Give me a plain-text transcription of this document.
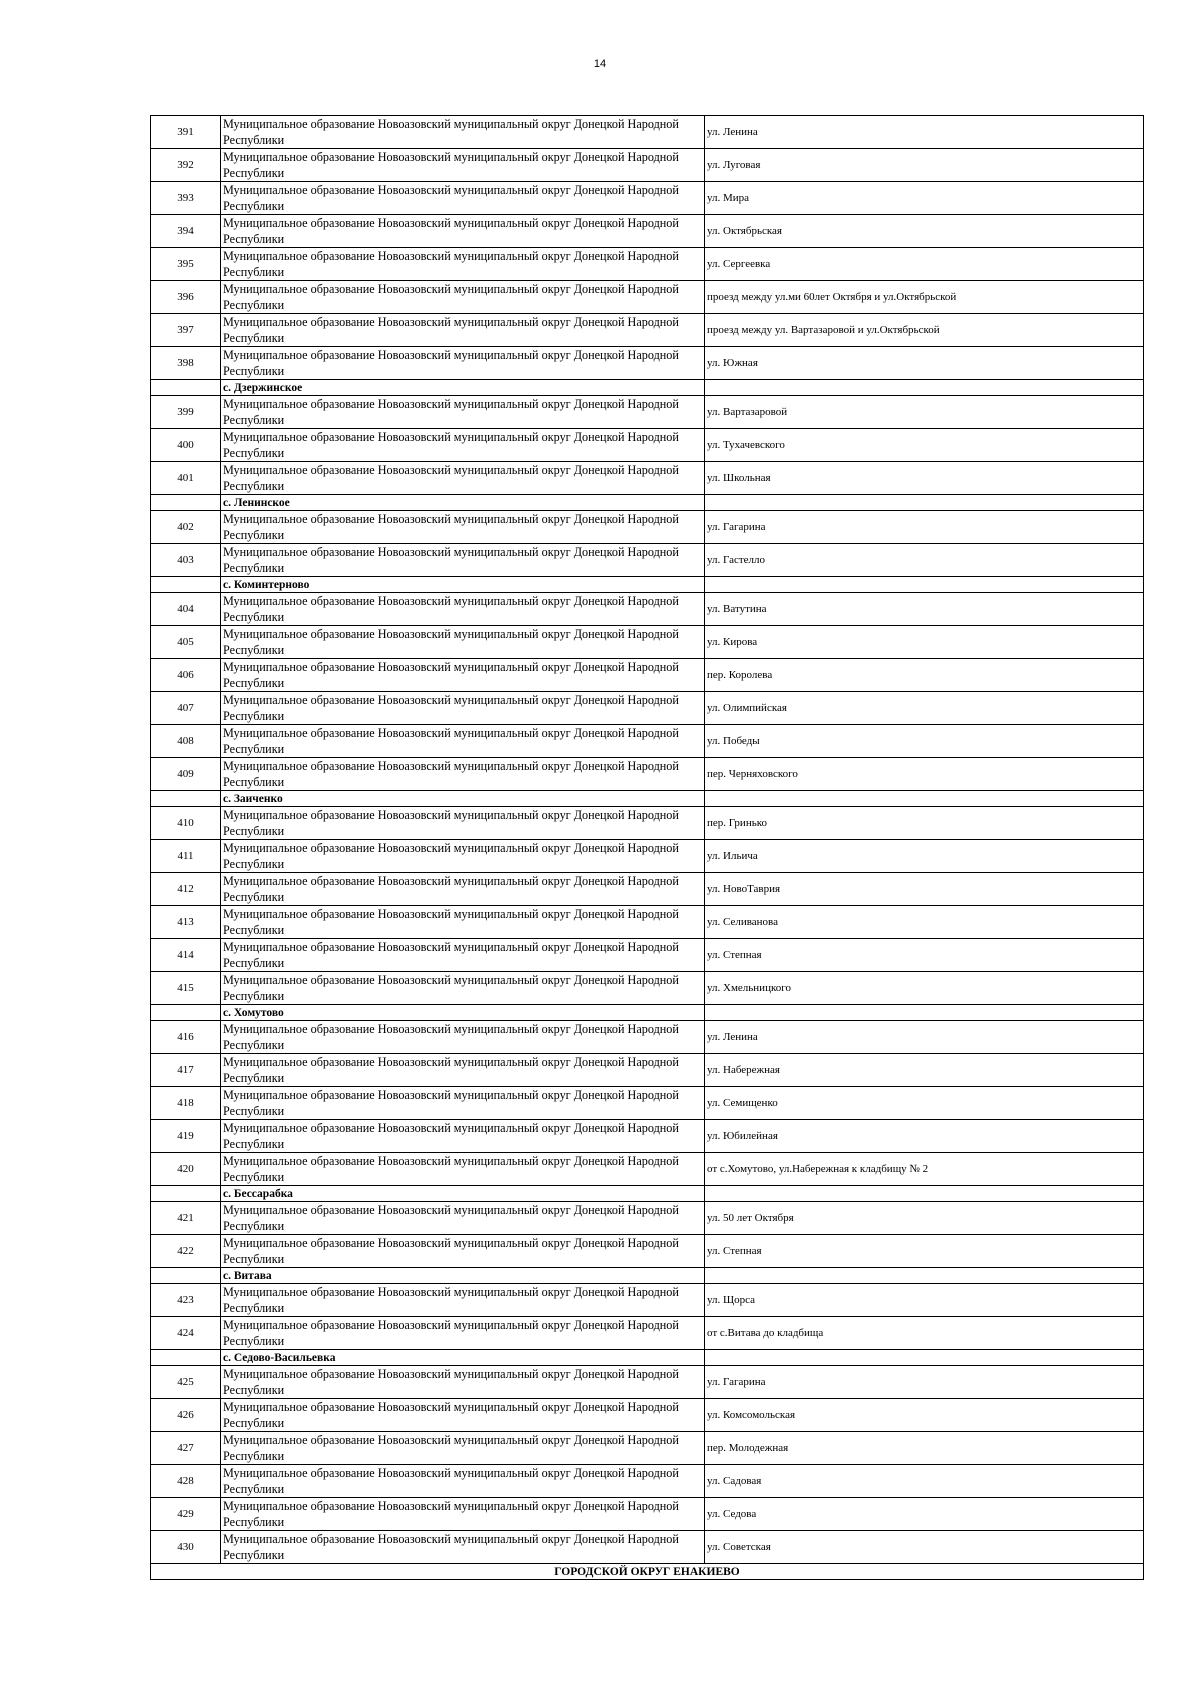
14
391	Муниципальное образование Новоазовский муниципальный округ Донецкой Народной Республики	ул. Ленина
392	Муниципальное образование Новоазовский муниципальный округ Донецкой Народной Республики	ул. Луговая
393	Муниципальное образование Новоазовский муниципальный округ Донецкой Народной Республики	ул. Мира
394	Муниципальное образование Новоазовский муниципальный округ Донецкой Народной Республики	ул. Октябрьская
395	Муниципальное образование Новоазовский муниципальный округ Донецкой Народной Республики	ул. Сергеевка
396	Муниципальное образование Новоазовский муниципальный округ Донецкой Народной Республики	проезд между ул.ми 60лет Октября и ул.Октябрьской
397	Муниципальное образование Новоазовский муниципальный округ Донецкой Народной Республики	проезд между ул. Вартазаровой и ул.Октябрьской
398	Муниципальное образование Новоазовский муниципальный округ Донецкой Народной Республики	ул. Южная
	с. Дзержинское	
399	Муниципальное образование Новоазовский муниципальный округ Донецкой Народной Республики	ул. Вартазаровой
400	Муниципальное образование Новоазовский муниципальный округ Донецкой Народной Республики	ул. Тухачевского
401	Муниципальное образование Новоазовский муниципальный округ Донецкой Народной Республики	ул. Школьная
	с. Ленинское	
402	Муниципальное образование Новоазовский муниципальный округ Донецкой Народной Республики	ул. Гагарина
403	Муниципальное образование Новоазовский муниципальный округ Донецкой Народной Республики	ул. Гастелло
	с. Коминтерново	
404	Муниципальное образование Новоазовский муниципальный округ Донецкой Народной Республики	ул. Ватутина
405	Муниципальное образование Новоазовский муниципальный округ Донецкой Народной Республики	ул. Кирова
406	Муниципальное образование Новоазовский муниципальный округ Донецкой Народной Республики	пер. Королева
407	Муниципальное образование Новоазовский муниципальный округ Донецкой Народной Республики	ул. Олимпийская
408	Муниципальное образование Новоазовский муниципальный округ Донецкой Народной Республики	ул. Победы
409	Муниципальное образование Новоазовский муниципальный округ Донецкой Народной Республики	пер. Черняховского
	с. Заиченко	
410	Муниципальное образование Новоазовский муниципальный округ Донецкой Народной Республики	пер. Гринько
411	Муниципальное образование Новоазовский муниципальный округ Донецкой Народной Республики	ул. Ильича
412	Муниципальное образование Новоазовский муниципальный округ Донецкой Народной Республики	ул. НовоТаврия
413	Муниципальное образование Новоазовский муниципальный округ Донецкой Народной Республики	ул. Селиванова
414	Муниципальное образование Новоазовский муниципальный округ Донецкой Народной Республики	ул. Степная
415	Муниципальное образование Новоазовский муниципальный округ Донецкой Народной Республики	ул. Хмельницкого
	с. Хомутово	
416	Муниципальное образование Новоазовский муниципальный округ Донецкой Народной Республики	ул. Ленина
417	Муниципальное образование Новоазовский муниципальный округ Донецкой Народной Республики	ул. Набережная
418	Муниципальное образование Новоазовский муниципальный округ Донецкой Народной Республики	ул. Семищенко
419	Муниципальное образование Новоазовский муниципальный округ Донецкой Народной Республики	ул. Юбилейная
420	Муниципальное образование Новоазовский муниципальный округ Донецкой Народной Республики	от с.Хомутово, ул.Набережная к кладбищу № 2
	с. Бессарабка	
421	Муниципальное образование Новоазовский муниципальный округ Донецкой Народной Республики	ул. 50 лет Октября
422	Муниципальное образование Новоазовский муниципальный округ Донецкой Народной Республики	ул. Степная
	с. Витава	
423	Муниципальное образование Новоазовский муниципальный округ Донецкой Народной Республики	ул. Щорса
424	Муниципальное образование Новоазовский муниципальный округ Донецкой Народной Республики	от с.Витава до кладбища
	с. Седово-Васильевка	
425	Муниципальное образование Новоазовский муниципальный округ Донецкой Народной Республики	ул. Гагарина
426	Муниципальное образование Новоазовский муниципальный округ Донецкой Народной Республики	ул. Комсомольская
427	Муниципальное образование Новоазовский муниципальный округ Донецкой Народной Республики	пер. Молодежная
428	Муниципальное образование Новоазовский муниципальный округ Донецкой Народной Республики	ул. Садовая
429	Муниципальное образование Новоазовский муниципальный округ Донецкой Народной Республики	ул. Седова
430	Муниципальное образование Новоазовский муниципальный округ Донецкой Народной Республики	ул. Советская
ГОРОДСКОЙ ОКРУГ ЕНАКИЕВО		
